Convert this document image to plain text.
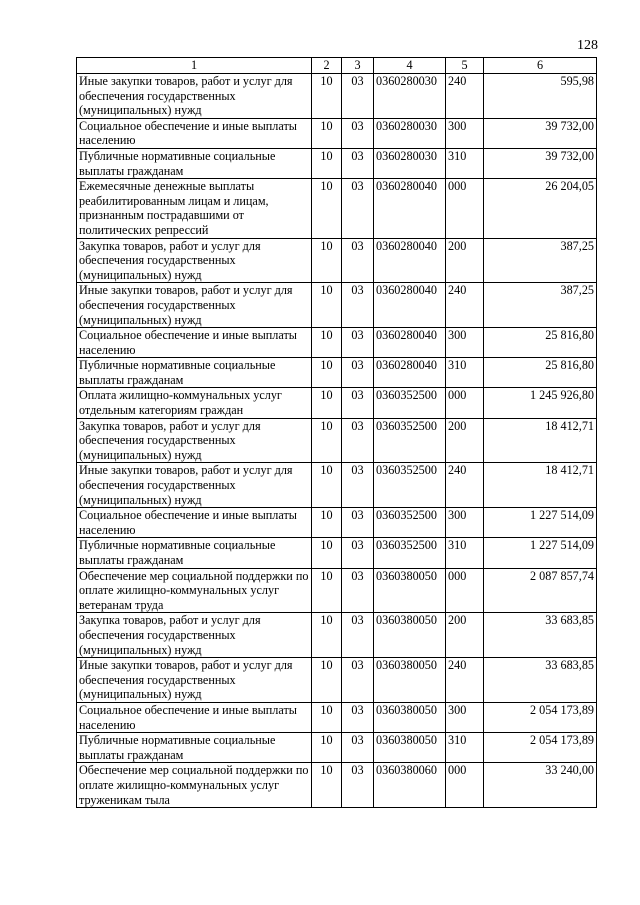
128
1	2	3	4	5	6
Иные закупки товаров, работ и услуг для обеспечения государственных (муниципальных) нужд	10	03	0360280030	240	595,98
Социальное обеспечение и иные выплаты населению	10	03	0360280030	300	39 732,00
Публичные нормативные социальные выплаты гражданам	10	03	0360280030	310	39 732,00
Ежемесячные денежные выплаты реабилитированным лицам и лицам, признанным пострадавшими от политических репрессий	10	03	0360280040	000	26 204,05
Закупка товаров, работ и услуг для обеспечения государственных (муниципальных) нужд	10	03	0360280040	200	387,25
Иные закупки товаров, работ и услуг для обеспечения государственных (муниципальных) нужд	10	03	0360280040	240	387,25
Социальное обеспечение и иные выплаты населению	10	03	0360280040	300	25 816,80
Публичные нормативные социальные выплаты гражданам	10	03	0360280040	310	25 816,80
Оплата жилищно-коммунальных услуг отдельным категориям граждан	10	03	0360352500	000	1 245 926,80
Закупка товаров, работ и услуг для обеспечения государственных (муниципальных) нужд	10	03	0360352500	200	18 412,71
Иные закупки товаров, работ и услуг для обеспечения государственных (муниципальных) нужд	10	03	0360352500	240	18 412,71
Социальное обеспечение и иные выплаты населению	10	03	0360352500	300	1 227 514,09
Публичные нормативные социальные выплаты гражданам	10	03	0360352500	310	1 227 514,09
Обеспечение мер социальной поддержки по оплате жилищно-коммунальных услуг ветеранам труда	10	03	0360380050	000	2 087 857,74
Закупка товаров, работ и услуг для обеспечения государственных (муниципальных) нужд	10	03	0360380050	200	33 683,85
Иные закупки товаров, работ и услуг для обеспечения государственных (муниципальных) нужд	10	03	0360380050	240	33 683,85
Социальное обеспечение и иные выплаты населению	10	03	0360380050	300	2 054 173,89
Публичные нормативные социальные выплаты гражданам	10	03	0360380050	310	2 054 173,89
Обеспечение мер социальной поддержки по оплате жилищно-коммунальных услуг труженикам тыла	10	03	0360380060	000	33 240,00
